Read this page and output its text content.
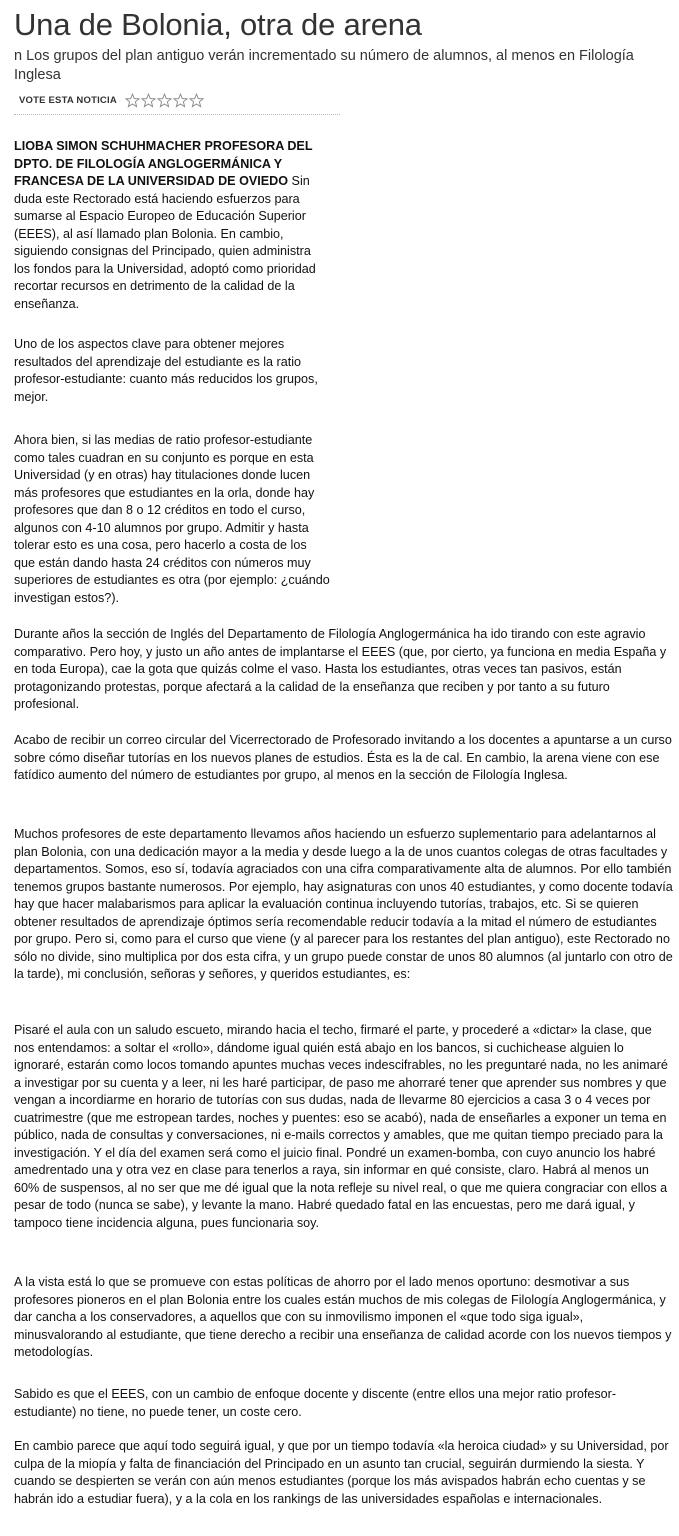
Una de Bolonia, otra de arena

n Los grupos del plan antiguo verán incrementado su número de alumnos, al menos en Filología Inglesa

VOTE ESTA NOTICIA

LIOBA SIMON SCHUHMACHER PROFESORA DEL DPTO. DE FILOLOGÍA ANGLOGERMÁNICA Y FRANCESA DE LA UNIVERSIDAD DE OVIEDO Sin duda este Rectorado está haciendo esfuerzos para sumarse al Espacio Europeo de Educación Superior (EEES), al así llamado plan Bolonia. En cambio, siguiendo consignas del Principado, quien administra los fondos para la Universidad, adoptó como prioridad recortar recursos en detrimento de la calidad de la enseñanza.

Uno de los aspectos clave para obtener mejores resultados del aprendizaje del estudiante es la ratio profesor-estudiante: cuanto más reducidos los grupos, mejor.

Ahora bien, si las medias de ratio profesor-estudiante como tales cuadran en su conjunto es porque en esta Universidad (y en otras) hay titulaciones donde lucen más profesores que estudiantes en la orla, donde hay profesores que dan 8 o 12 créditos en todo el curso, algunos con 4-10 alumnos por grupo. Admitir y hasta tolerar esto es una cosa, pero hacerlo a costa de los que están dando hasta 24 créditos con números muy superiores de estudiantes es otra (por ejemplo: ¿cuándo investigan estos?).

Durante años la sección de Inglés del Departamento de Filología Anglogermánica ha ido tirando con este agravio comparativo. Pero hoy, y justo un año antes de implantarse el EEES (que, por cierto, ya funciona en media España y en toda Europa), cae la gota que quizás colme el vaso. Hasta los estudiantes, otras veces tan pasivos, están protagonizando protestas, porque afectará a la calidad de la enseñanza que reciben y por tanto a su futuro profesional.

Acabo de recibir un correo circular del Vicerrectorado de Profesorado invitando a los docentes a apuntarse a un curso sobre cómo diseñar tutorías en los nuevos planes de estudios. Ésta es la de cal. En cambio, la arena viene con ese fatídico aumento del número de estudiantes por grupo, al menos en la sección de Filología Inglesa.

Muchos profesores de este departamento llevamos años haciendo un esfuerzo suplementario para adelantarnos al plan Bolonia, con una dedicación mayor a la media y desde luego a la de unos cuantos colegas de otras facultades y departamentos. Somos, eso sí, todavía agraciados con una cifra comparativamente alta de alumnos. Por ello también tenemos grupos bastante numerosos. Por ejemplo, hay asignaturas con unos 40 estudiantes, y como docente todavía hay que hacer malabarismos para aplicar la evaluación continua incluyendo tutorías, trabajos, etc. Si se quieren obtener resultados de aprendizaje óptimos sería recomendable reducir todavía a la mitad el número de estudiantes por grupo. Pero si, como para el curso que viene (y al parecer para los restantes del plan antiguo), este Rectorado no sólo no divide, sino multiplica por dos esta cifra, y un grupo puede constar de unos 80 alumnos (al juntarlo con otro de la tarde), mi conclusión, señoras y señores, y queridos estudiantes, es:

Pisaré el aula con un saludo escueto, mirando hacia el techo, firmaré el parte, y procederé a «dictar» la clase, que nos entendamos: a soltar el «rollo», dándome igual quién está abajo en los bancos, si cuchichease alguien lo ignoraré, estarán como locos tomando apuntes muchas veces indescifrables, no les preguntaré nada, no les animaré a investigar por su cuenta y a leer, ni les haré participar, de paso me ahorraré tener que aprender sus nombres y que vengan a incordiarme en horario de tutorías con sus dudas, nada de llevarme 80 ejercicios a casa 3 o 4 veces por cuatrimestre (que me estropean tardes, noches y puentes: eso se acabó), nada de enseñarles a exponer un tema en público, nada de consultas y conversaciones, ni e-mails correctos y amables, que me quitan tiempo preciado para la investigación. Y el día del examen será como el juicio final. Pondré un examen-bomba, con cuyo anuncio los habré amedrentado una y otra vez en clase para tenerlos a raya, sin informar en qué consiste, claro. Habrá al menos un 60% de suspensos, al no ser que me dé igual que la nota refleje su nivel real, o que me quiera congraciar con ellos a pesar de todo (nunca se sabe), y levante la mano. Habré quedado fatal en las encuestas, pero me dará igual, y tampoco tiene incidencia alguna, pues funcionaria soy.

A la vista está lo que se promueve con estas políticas de ahorro por el lado menos oportuno: desmotivar a sus profesores pioneros en el plan Bolonia entre los cuales están muchos de mis colegas de Filología Anglogermánica, y dar cancha a los conservadores, a aquellos que con su inmovilismo imponen el «que todo siga igual», minusvalorando al estudiante, que tiene derecho a recibir una enseñanza de calidad acorde con los nuevos tiempos y metodologías.

Sabido es que el EEES, con un cambio de enfoque docente y discente (entre ellos una mejor ratio profesor-estudiante) no tiene, no puede tener, un coste cero.

En cambio parece que aquí todo seguirá igual, y que por un tiempo todavía «la heroica ciudad» y su Universidad, por culpa de la miopía y falta de financiación del Principado en un asunto tan crucial, seguirán durmiendo la siesta. Y cuando se despierten se verán con aún menos estudiantes (porque los más avispados habrán echo cuentas y se habrán ido a estudiar fuera), y a la cola en los rankings de las universidades españolas e internacionales.
